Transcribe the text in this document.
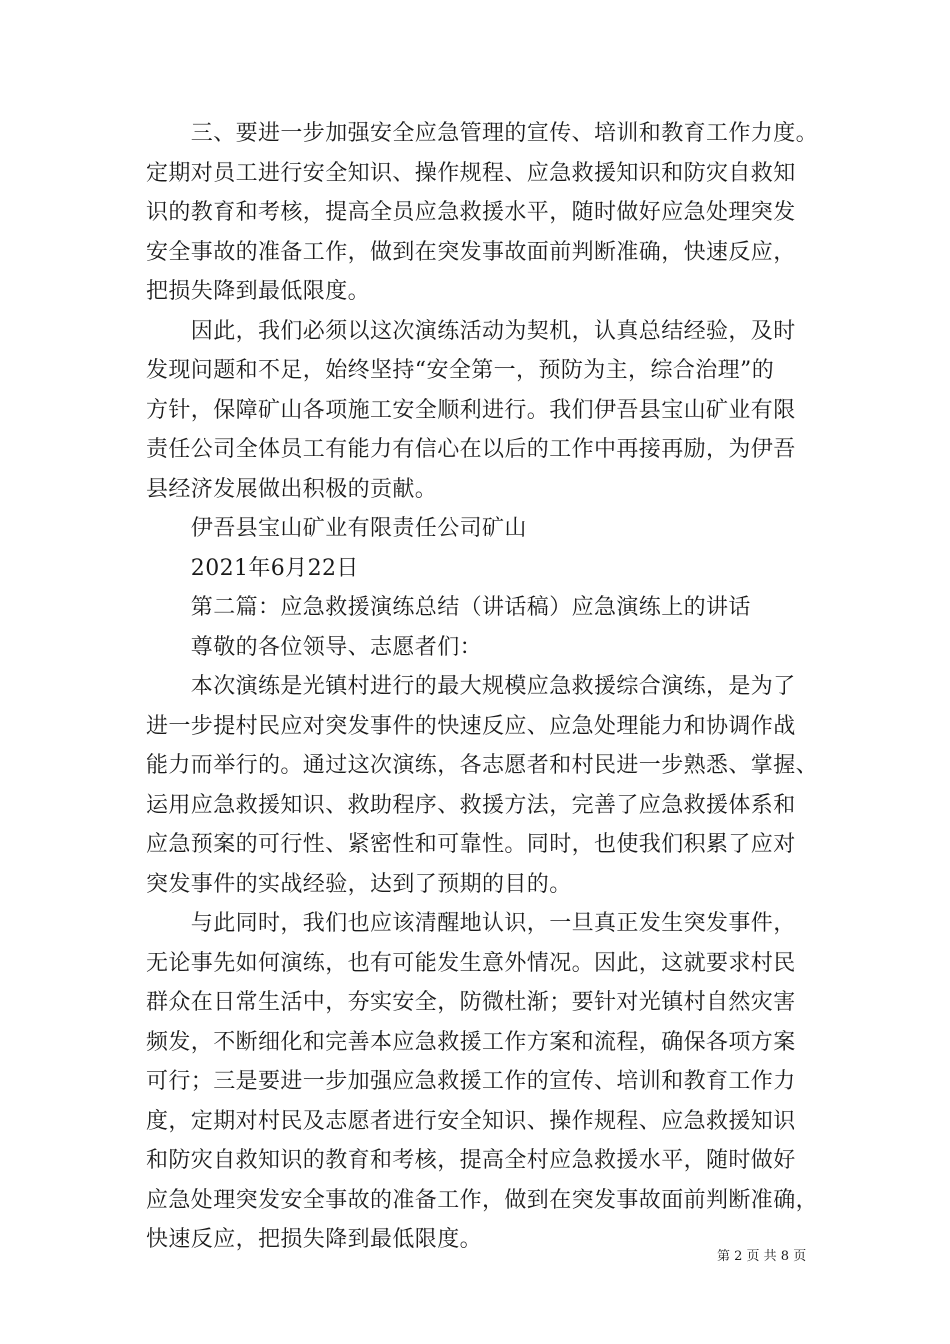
　　三、要进一步加强安全应急管理的宣传、培训和教育工作力度。
定期对员工进行安全知识、操作规程、应急救援知识和防灾自救知
识的教育和考核，提高全员应急救援水平，随时做好应急处理突发
安全事故的准备工作，做到在突发事故面前判断准确，快速反应，
把损失降到最低限度。
　　因此，我们必须以这次演练活动为契机，认真总结经验，及时
发现问题和不足，始终坚持“安全第一，预防为主，综合治理”的
方针，保障矿山各项施工安全顺利进行。我们伊吾县宝山矿业有限
责任公司全体员工有能力有信心在以后的工作中再接再励，为伊吾
县经济发展做出积极的贡献。
　　伊吾县宝山矿业有限责任公司矿山
　　2021年6月22日
　　第二篇：应急救援演练总结（讲话稿）应急演练上的讲话
　　尊敬的各位领导、志愿者们：
　　本次演练是光镇村进行的最大规模应急救援综合演练，是为了
进一步提村民应对突发事件的快速反应、应急处理能力和协调作战
能力而举行的。通过这次演练，各志愿者和村民进一步熟悉、掌握、
运用应急救援知识、救助程序、救援方法，完善了应急救援体系和
应急预案的可行性、紧密性和可靠性。同时，也使我们积累了应对
突发事件的实战经验，达到了预期的目的。
　　与此同时，我们也应该清醒地认识，一旦真正发生突发事件，
无论事先如何演练，也有可能发生意外情况。因此，这就要求村民
群众在日常生活中，夯实安全，防微杜渐；要针对光镇村自然灾害
频发，不断细化和完善本应急救援工作方案和流程，确保各项方案
可行；三是要进一步加强应急救援工作的宣传、培训和教育工作力
度，定期对村民及志愿者进行安全知识、操作规程、应急救援知识
和防灾自救知识的教育和考核，提高全村应急救援水平，随时做好
应急处理突发安全事故的准备工作，做到在突发事故面前判断准确，
快速反应，把损失降到最低限度。
第 2 页 共 8 页
